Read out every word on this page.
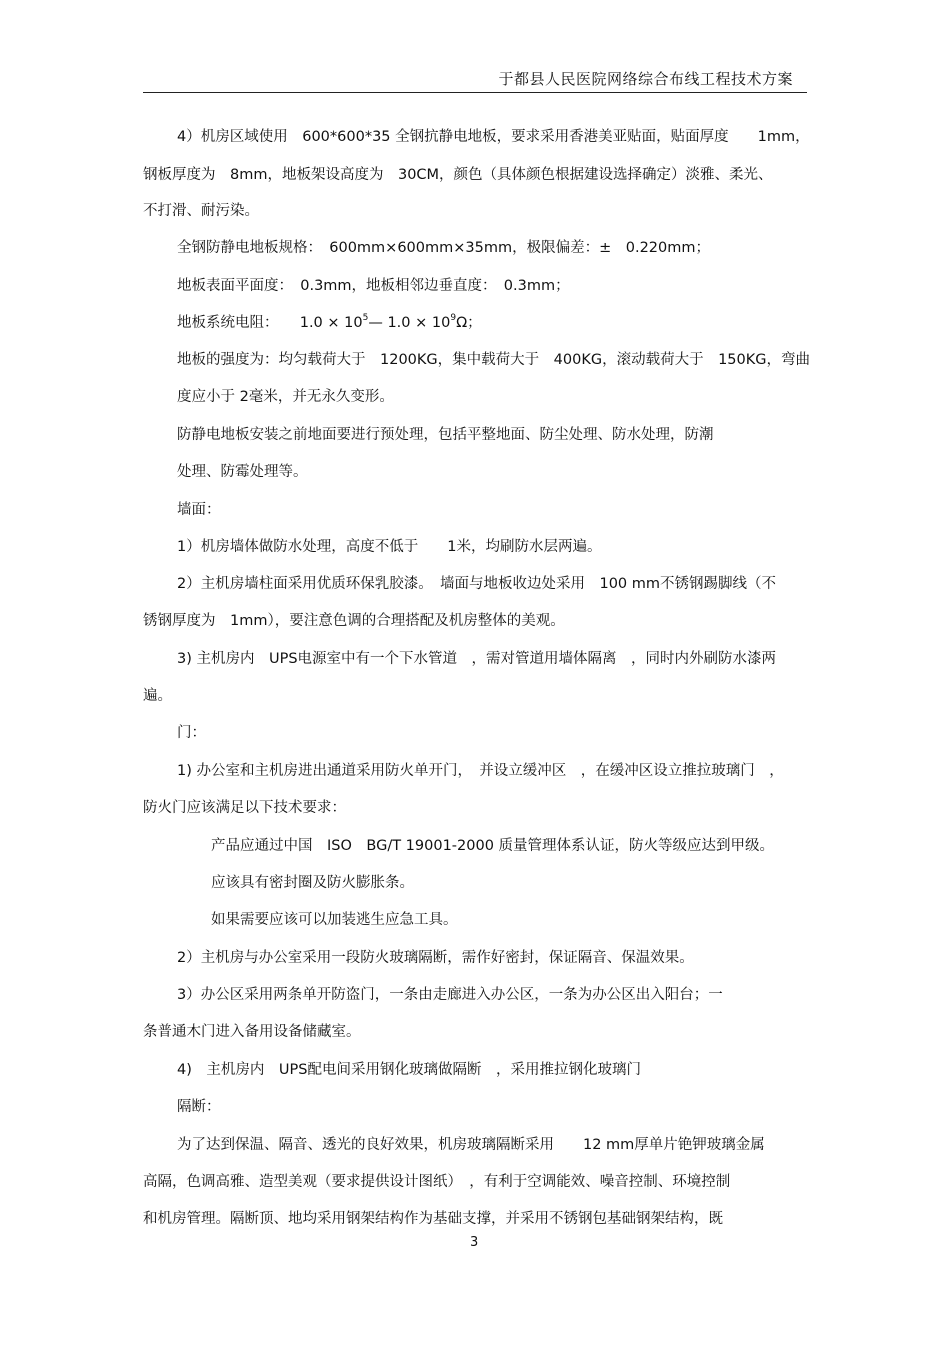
于都县人民医院网络综合布线工程技术方案
4）机房区域使用　600*600*35 全钢抗静电地板，要求采用香港美亚贴面，贴面厚度　　1mm，
钢板厚度为　8mm，地板架设高度为　30CM，颜色（具体颜色根据建设选择确定）淡雅、柔光、
不打滑、耐污染。
全钢防静电地板规格：　600mm×600mm×35mm，极限偏差：±　0.220mm；
地板表面平面度：　0.3mm，地板相邻边垂直度：　0.3mm；
地板系统电阻： $1.0 \times 10^5—$ $1.0 \times 10^9\Omega$；
地板的强度为：均匀载荷大于　1200KG，集中载荷大于　400KG，滚动载荷大于　150KG，弯曲
度应小于 2毫米，并无永久变形。
防静电地板安装之前地面要进行预处理，包括平整地面、防尘处理、防水处理，防潮
处理、防霉处理等。
墙面：
1）机房墙体做防水处理，高度不低于　　1米，均刷防水层两遍。
2）主机房墙柱面采用优质环保乳胶漆。　墙面与地板收边处采用　100 mm不锈钢踢脚线（不
锈钢厚度为　1mm），要注意色调的合理搭配及机房整体的美观。
3) 主机房内　UPS电源室中有一个下水管道　，需对管道用墙体隔离　，同时内外刷防水漆两
遍。
门：
1) 办公室和主机房进出通道采用防火单开门，　并设立缓冲区　，在缓冲区设立推拉玻璃门　，
防火门应该满足以下技术要求：
产品应通过中国　ISO　BG/T 19001-2000 质量管理体系认证，防火等级应达到甲级。
应该具有密封圈及防火膨胀条。
如果需要应该可以加装逃生应急工具。
2）主机房与办公室采用一段防火玻璃隔断，需作好密封，保证隔音、保温效果。
3）办公区采用两条单开防盗门，一条由走廊进入办公区，一条为办公区出入阳台；一
条普通木门进入备用设备储藏室。
4)　主机房内　UPS配电间采用钢化玻璃做隔断　，采用推拉钢化玻璃门
隔断：
为了达到保温、隔音、透光的良好效果，机房玻璃隔断采用　　12 mm厚单片铯钾玻璃金属
高隔，色调高雅、造型美观（要求提供设计图纸）　，有利于空调能效、噪音控制、环境控制
和机房管理。隔断顶、地均采用钢架结构作为基础支撑，并采用不锈钢包基础钢架结构，既
3
